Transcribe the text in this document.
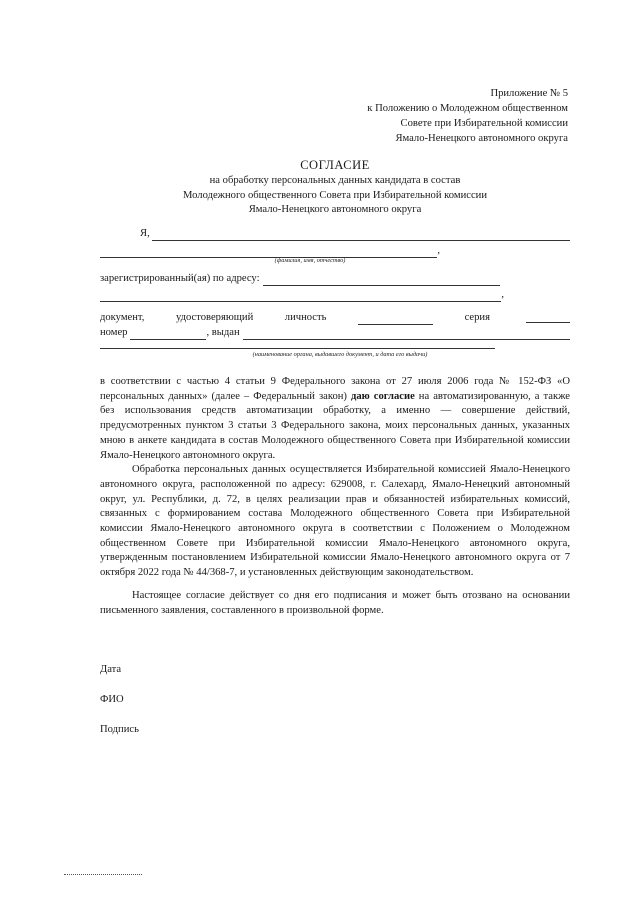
Приложение № 5
к Положению о Молодежном общественном
Совете при Избирательной комиссии
Ямало-Ненецкого автономного округа
СОГЛАСИЕ
на обработку персональных данных кандидата в состав
Молодежного общественного Совета при Избирательной комиссии
Ямало-Ненецкого автономного округа
Я,
,
(фамилия, имя, отчество)
зарегистрированный(ая) по адресу:
,
документ,	удостоверяющий	личность	серия
номер	, выдан
(наименование органа, выдавшего документ, и дата его выдачи)

в соответствии с частью 4 статьи 9 Федерального закона от 27 июля 2006 года № 152-ФЗ «О персональных данных» (далее – Федеральный закон) даю согласие на автоматизированную, а также без использования средств автоматизации обработку, а именно — совершение действий, предусмотренных пунктом 3 статьи 3 Федерального закона, моих персональных данных, указанных мною в анкете кандидата в состав Молодежного общественного Совета при Избирательной комиссии Ямало-Ненецкого автономного округа.

Обработка персональных данных осуществляется Избирательной комиссией Ямало-Ненецкого автономного округа, расположенной по адресу: 629008, г. Салехард, Ямало-Ненецкий автономный округ, ул. Республики, д. 72, в целях реализации прав и обязанностей избирательных комиссий, связанных с формированием состава Молодежного общественного Совета при Избирательной комиссии Ямало-Ненецкого автономного округа в соответствии с Положением о Молодежном общественном Совете при Избирательной комиссии Ямало-Ненецкого автономного округа, утвержденным постановлением Избирательной комиссии Ямало-Ненецкого автономного округа от 7 октября 2022 года № 44/368-7, и установленных действующим законодательством.

Настоящее согласие действует со дня его подписания и может быть отозвано на основании письменного заявления, составленного в произвольной форме.

Дата
ФИО
Подпись
